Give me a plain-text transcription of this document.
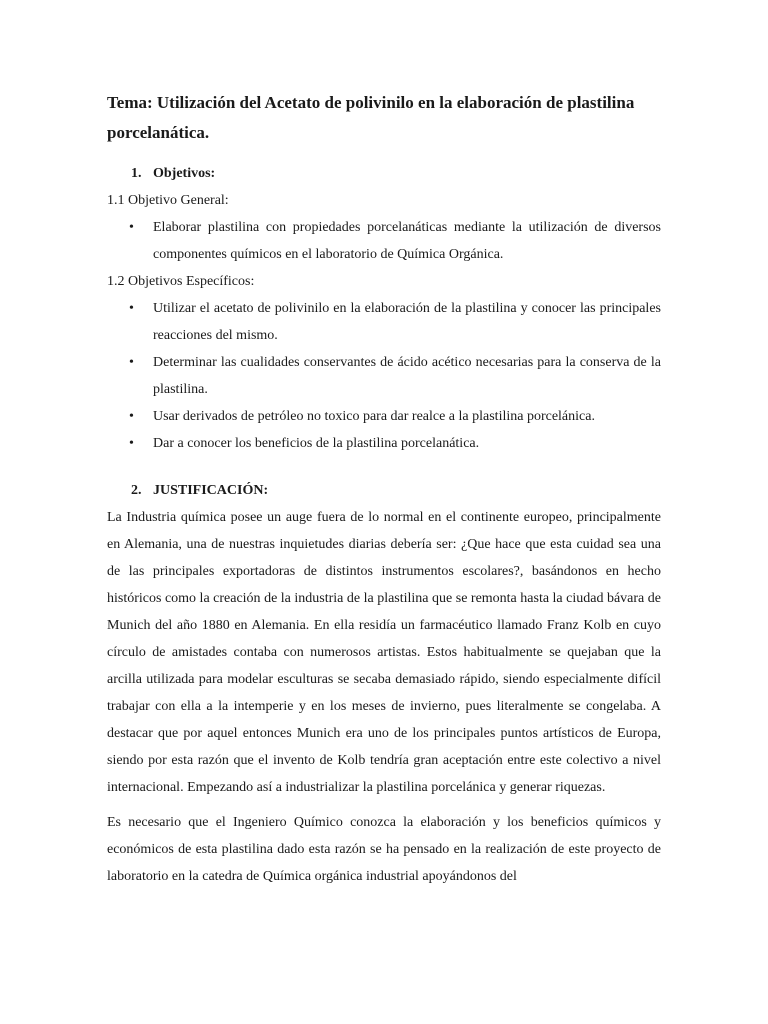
Tema: Utilización del Acetato de polivinilo en la elaboración de plastilina porcelanática.
1. Objetivos:
1.1 Objetivo General:
• Elaborar plastilina con propiedades porcelanáticas mediante la utilización de diversos componentes químicos en el laboratorio de Química Orgánica.
1.2 Objetivos Específicos:
• Utilizar el acetato de polivinilo en la elaboración de la plastilina y conocer las principales reacciones del mismo.
• Determinar las cualidades conservantes de ácido acético necesarias para la conserva de la plastilina.
• Usar derivados de petróleo no toxico para dar realce a la plastilina porcelánica.
• Dar a conocer los beneficios de la plastilina porcelanática.
2. JUSTIFICACIÓN:

La Industria química posee un auge fuera de lo normal en el continente europeo, principalmente en Alemania, una de nuestras inquietudes diarias debería ser: ¿Que hace que esta cuidad sea una de las principales exportadoras de distintos instrumentos escolares?, basándonos en hecho históricos como la creación de la industria de la plastilina que se remonta hasta la ciudad bávara de Munich del año 1880 en Alemania. En ella residía un farmacéutico llamado Franz Kolb en cuyo círculo de amistades contaba con numerosos artistas. Estos habitualmente se quejaban que la arcilla utilizada para modelar esculturas se secaba demasiado rápido, siendo especialmente difícil trabajar con ella a la intemperie y en los meses de invierno, pues literalmente se congelaba. A destacar que por aquel entonces Munich era uno de los principales puntos artísticos de Europa, siendo por esta razón que el invento de Kolb tendría gran aceptación entre este colectivo a nivel internacional. Empezando así a industrializar la plastilina porcelánica y generar riquezas.

Es necesario que el Ingeniero Químico conozca la elaboración y los beneficios químicos y económicos de esta plastilina dado esta razón se ha pensado en la realización de este proyecto de laboratorio en la catedra de Química orgánica industrial apoyándonos del
